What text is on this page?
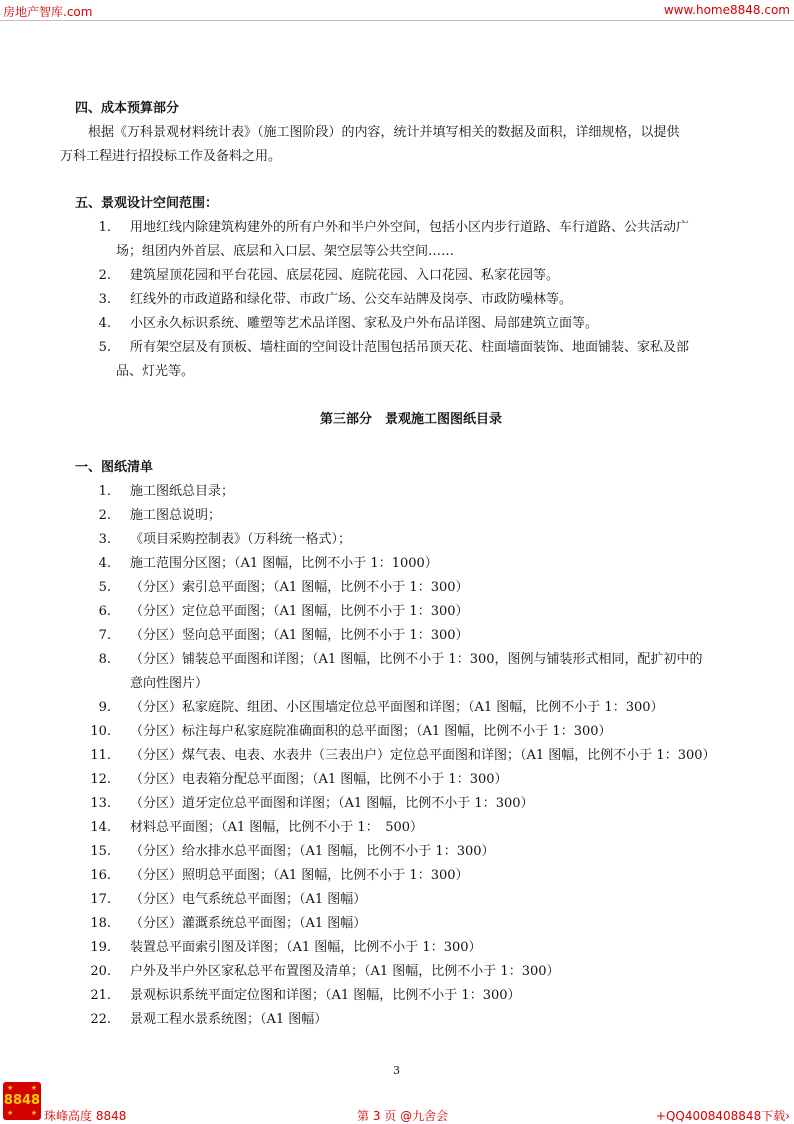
房地产智库.com	www.home8848.com
四、成本预算部分
根据《万科景观材料统计表》（施工图阶段）的内容，统计并填写相关的数据及面积，详细规格，以提供
万科工程进行招投标工作及备料之用。
五、景观设计空间范围：
1. 用地红线内除建筑构建外的所有户外和半户外空间，包括小区内步行道路、车行道路、公共活动广
场；组团内外首层、底层和入口层、架空层等公共空间……
2. 建筑屋顶花园和平台花园、底层花园、庭院花园、入口花园、私家花园等。
3. 红线外的市政道路和绿化带、市政广场、公交车站牌及岗亭、市政防噪林等。
4. 小区永久标识系统、雕塑等艺术品详图、家私及户外布品详图、局部建筑立面等。
5. 所有架空层及有顶板、墙柱面的空间设计范围包括吊顶天花、柱面墙面装饰、地面铺装、家私及部
品、灯光等。
第三部分　景观施工图图纸目录
一、图纸清单
1. 施工图纸总目录；
2. 施工图总说明；
3. 《项目采购控制表》（万科统一格式）；
4. 施工范围分区图；（A1 图幅，比例不小于 1：1000）
5. （分区）索引总平面图；（A1 图幅，比例不小于 1：300）
6. （分区）定位总平面图；（A1 图幅，比例不小于 1：300）
7. （分区）竖向总平面图；（A1 图幅，比例不小于 1：300）
8. （分区）铺装总平面图和详图；（A1 图幅，比例不小于 1：300，图例与铺装形式相同，配扩初中的
意向性图片）
9. （分区）私家庭院、组团、小区围墙定位总平面图和详图；（A1 图幅，比例不小于 1：300）
10. （分区）标注每户私家庭院准确面积的总平面图；（A1 图幅，比例不小于 1：300）
11. （分区）煤气表、电表、水表井（三表出户）定位总平面图和详图；（A1 图幅，比例不小于 1：300）
12. （分区）电表箱分配总平面图；（A1 图幅，比例不小于 1：300）
13. （分区）道牙定位总平面图和详图；（A1 图幅，比例不小于 1：300）
14. 材料总平面图；（A1 图幅，比例不小于 1：　500）
15. （分区）给水排水总平面图；（A1 图幅，比例不小于 1：300）
16. （分区）照明总平面图；（A1 图幅，比例不小于 1：300）
17. （分区）电气系统总平面图；（A1 图幅）
18. （分区）灌溉系统总平面图；（A1 图幅）
19. 装置总平面索引图及详图；（A1 图幅，比例不小于 1：300）
20. 户外及半户外区家私总平布置图及清单；（A1 图幅，比例不小于 1：300）
21. 景观标识系统平面定位图和详图；（A1 图幅，比例不小于 1：300）
22. 景观工程水景系统图；（A1 图幅）
3
★ ★
★ ★
8848
珠峰高度 8848	第 3 页 @九舍会	+QQ4008408848下载›
